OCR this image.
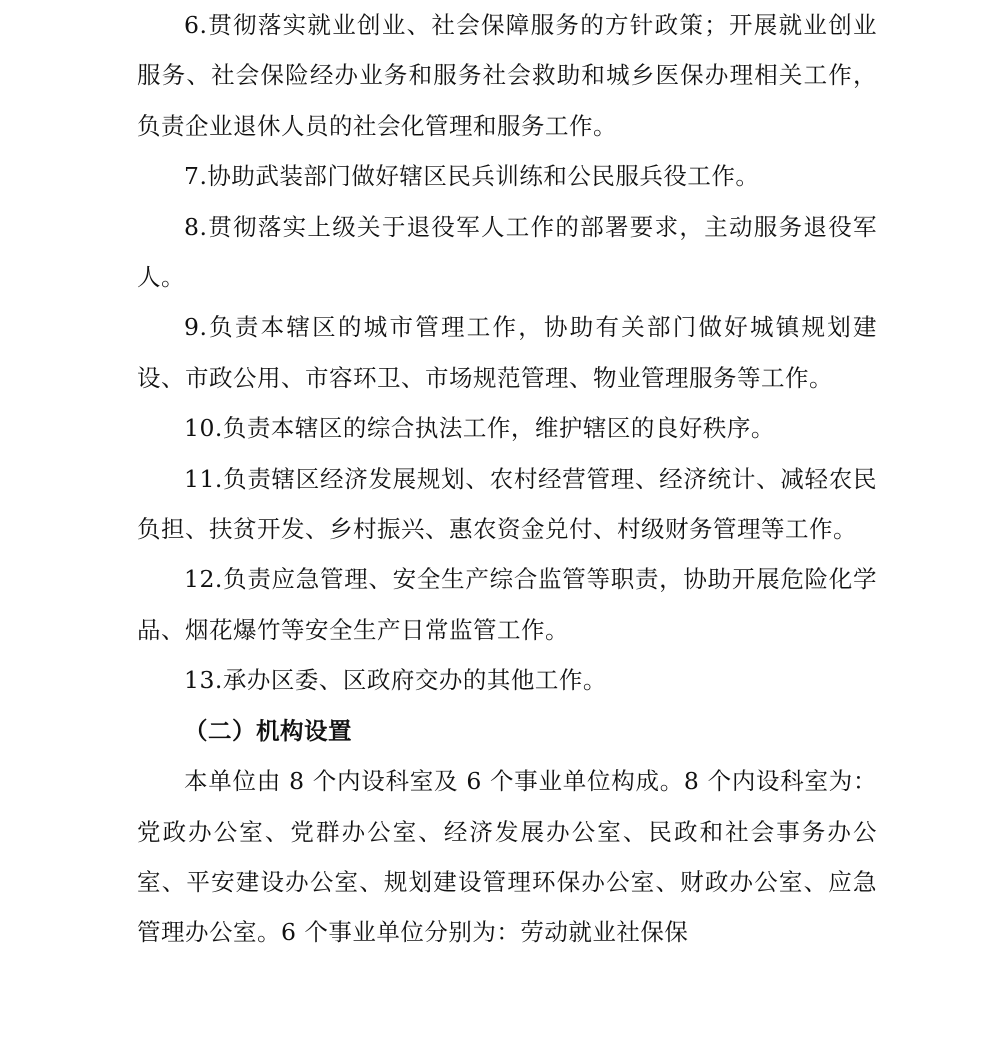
6.贯彻落实就业创业、社会保障服务的方针政策；开展就业创业服务、社会保险经办业务和服务社会救助和城乡医保办理相关工作，负责企业退休人员的社会化管理和服务工作。

7.协助武装部门做好辖区民兵训练和公民服兵役工作。

8.贯彻落实上级关于退役军人工作的部署要求，主动服务退役军人。

9.负责本辖区的城市管理工作，协助有关部门做好城镇规划建设、市政公用、市容环卫、市场规范管理、物业管理服务等工作。

10.负责本辖区的综合执法工作，维护辖区的良好秩序。

11.负责辖区经济发展规划、农村经营管理、经济统计、减轻农民负担、扶贫开发、乡村振兴、惠农资金兑付、村级财务管理等工作。

12.负责应急管理、安全生产综合监管等职责，协助开展危险化学品、烟花爆竹等安全生产日常监管工作。

13.承办区委、区政府交办的其他工作。

（二）机构设置

本单位由 8 个内设科室及 6 个事业单位构成。8 个内设科室为：党政办公室、党群办公室、经济发展办公室、民政和社会事务办公室、平安建设办公室、规划建设管理环保办公室、财政办公室、应急管理办公室。6 个事业单位分别为：劳动就业社保保
